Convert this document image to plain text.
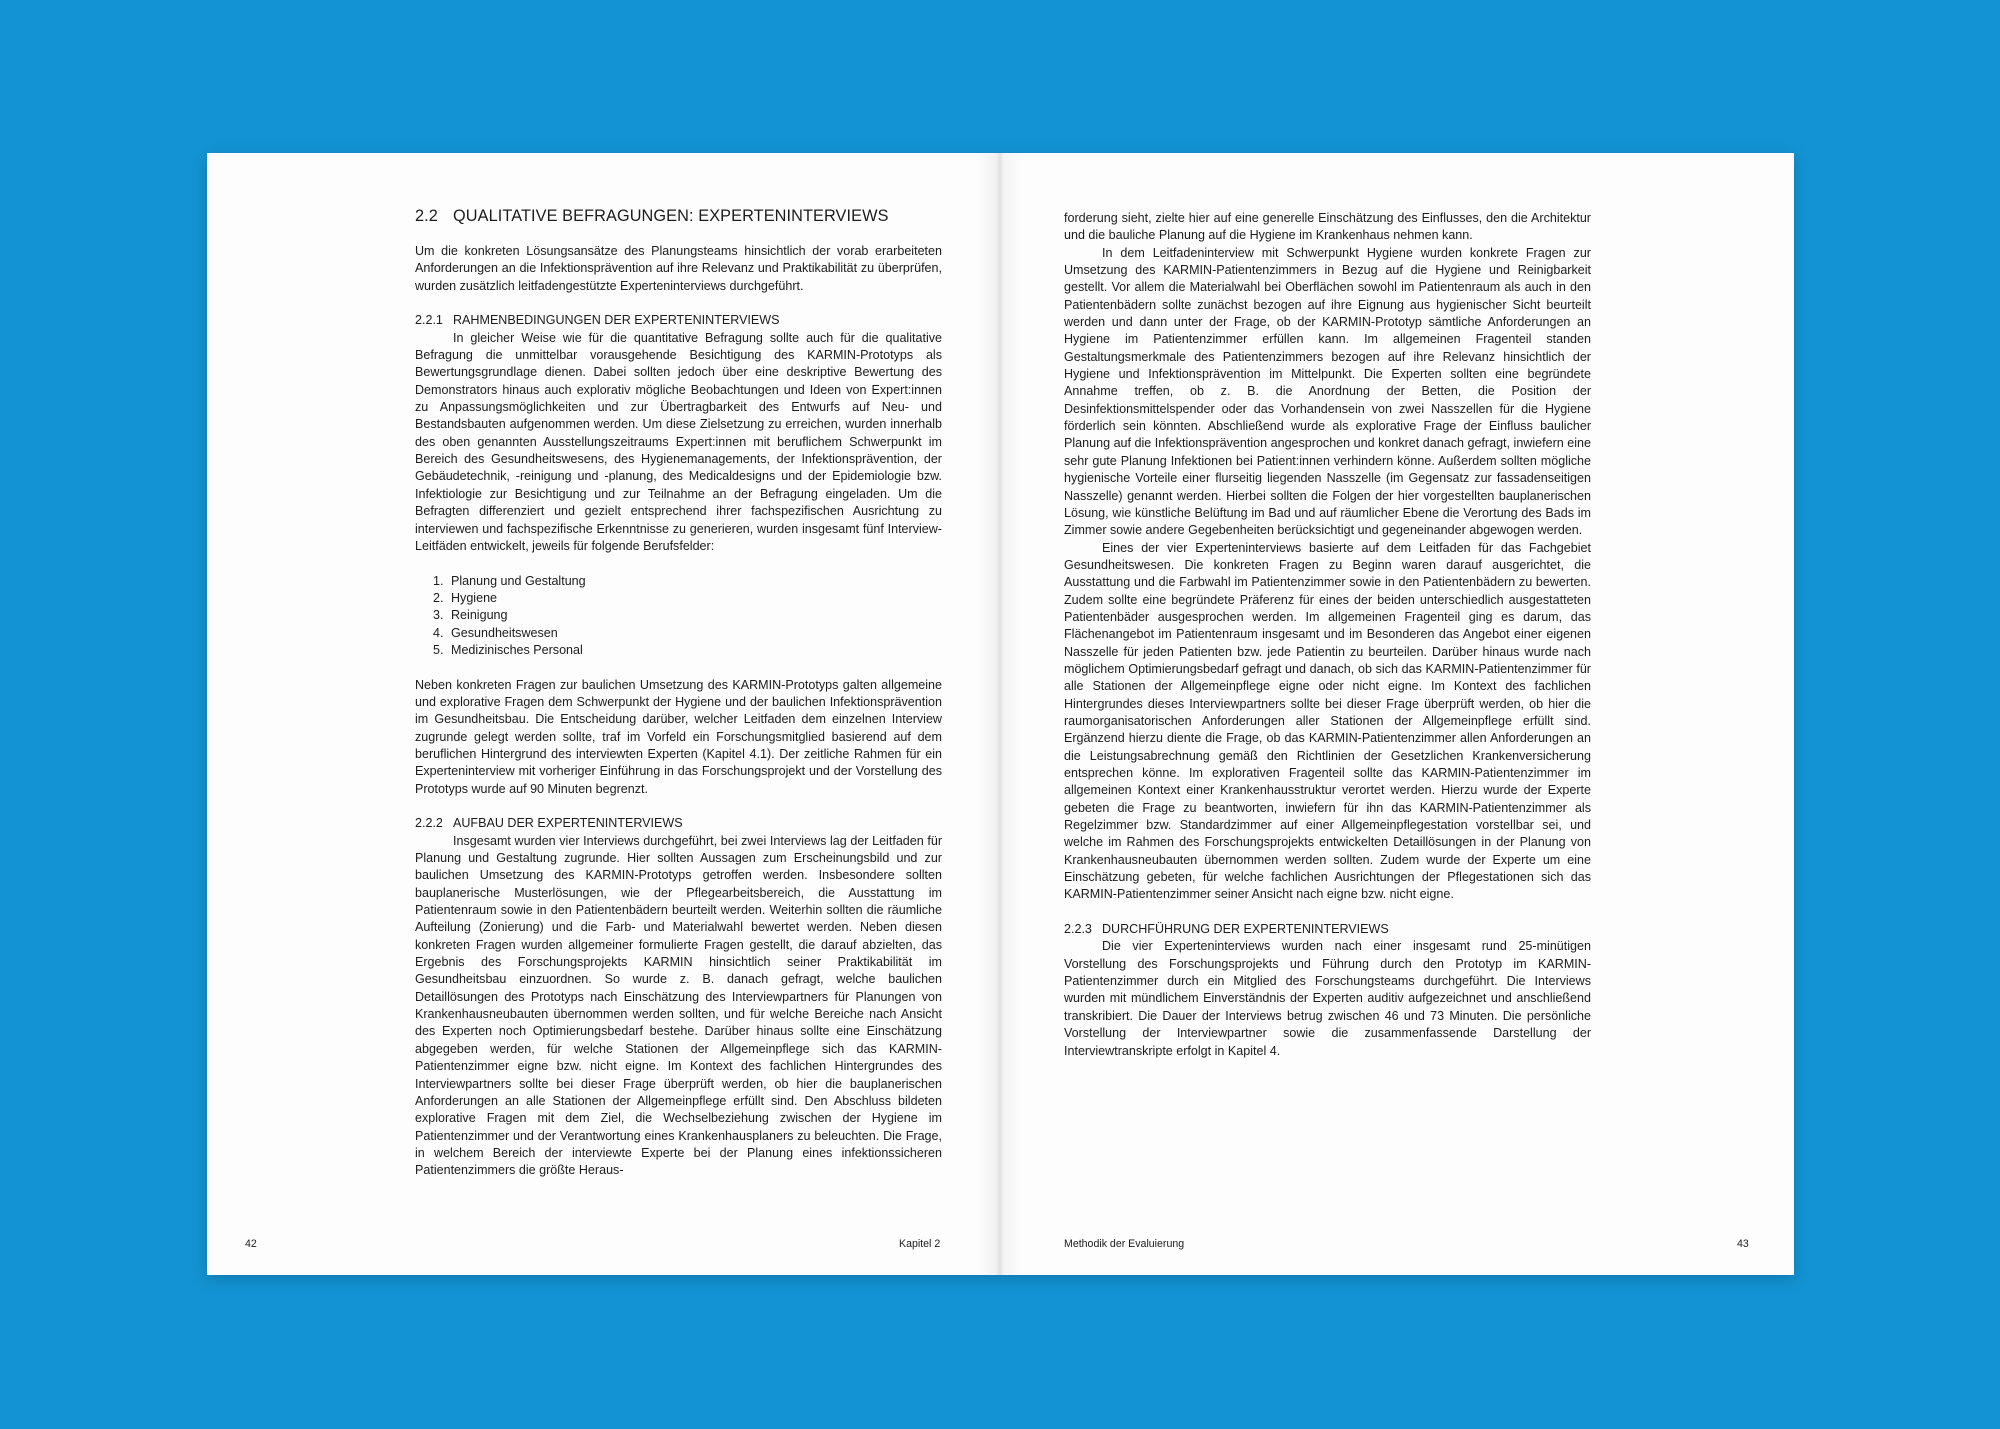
2.2 QUALITATIVE BEFRAGUNGEN: EXPERTENINTERVIEWS

Um die konkreten Lösungsansätze des Planungsteams hinsichtlich der vorab erarbeiteten Anforderungen an die Infektionsprävention auf ihre Relevanz und Praktikabilität zu überprüfen, wurden zusätzlich leitfadengestützte Experteninterviews durchgeführt.

2.2.1 RAHMENBEDINGUNGEN DER EXPERTENINTERVIEWS

In gleicher Weise wie für die quantitative Befragung sollte auch für die qualitative Befragung die unmittelbar vorausgehende Besichtigung des KARMIN-Prototyps als Bewertungsgrundlage dienen. Dabei sollten jedoch über eine deskriptive Bewertung des Demonstrators hinaus auch explorativ mögliche Beobachtungen und Ideen von Expert:innen zu Anpassungsmöglichkeiten und zur Übertragbarkeit des Entwurfs auf Neu- und Bestandsbauten aufgenommen werden. Um diese Zielsetzung zu erreichen, wurden innerhalb des oben genannten Ausstellungszeitraums Expert:innen mit beruflichem Schwerpunkt im Bereich des Gesundheitswesens, des Hygienemanagements, der Infektionsprävention, der Gebäudetechnik, -reinigung und -planung, des Medicaldesigns und der Epidemiologie bzw. Infektiologie zur Besichtigung und zur Teilnahme an der Befragung eingeladen. Um die Befragten differenziert und gezielt entsprechend ihrer fachspezifischen Ausrichtung zu interviewen und fachspezifische Erkenntnisse zu generieren, wurden insgesamt fünf Interview-Leitfäden entwickelt, jeweils für folgende Berufsfelder:

1. Planung und Gestaltung
2. Hygiene
3. Reinigung
4. Gesundheitswesen
5. Medizinisches Personal

Neben konkreten Fragen zur baulichen Umsetzung des KARMIN-Prototyps galten allgemeine und explorative Fragen dem Schwerpunkt der Hygiene und der baulichen Infektionsprävention im Gesundheitsbau. Die Entscheidung darüber, welcher Leitfaden dem einzelnen Interview zugrunde gelegt werden sollte, traf im Vorfeld ein Forschungsmitglied basierend auf dem beruflichen Hintergrund des interviewten Experten (Kapitel 4.1). Der zeitliche Rahmen für ein Experteninterview mit vorheriger Einführung in das Forschungsprojekt und der Vorstellung des Prototyps wurde auf 90 Minuten begrenzt.

2.2.2 AUFBAU DER EXPERTENINTERVIEWS

Insgesamt wurden vier Interviews durchgeführt, bei zwei Interviews lag der Leitfaden für Planung und Gestaltung zugrunde. Hier sollten Aussagen zum Erscheinungsbild und zur baulichen Umsetzung des KARMIN-Prototyps getroffen werden. Insbesondere sollten bauplanerische Musterlösungen, wie der Pflegearbeitsbereich, die Ausstattung im Patientenraum sowie in den Patientenbädern beurteilt werden. Weiterhin sollten die räumliche Aufteilung (Zonierung) und die Farb- und Materialwahl bewertet werden. Neben diesen konkreten Fragen wurden allgemeiner formulierte Fragen gestellt, die darauf abzielten, das Ergebnis des Forschungsprojekts KARMIN hinsichtlich seiner Praktikabilität im Gesundheitsbau einzuordnen. So wurde z. B. danach gefragt, welche baulichen Detaillösungen des Prototyps nach Einschätzung des Interviewpartners für Planungen von Krankenhausneubauten übernommen werden sollten, und für welche Bereiche nach Ansicht des Experten noch Optimierungsbedarf bestehe. Darüber hinaus sollte eine Einschätzung abgegeben werden, für welche Stationen der Allgemeinpflege sich das KARMIN-Patientenzimmer eigne bzw. nicht eigne. Im Kontext des fachlichen Hintergrundes des Interviewpartners sollte bei dieser Frage überprüft werden, ob hier die bauplanerischen Anforderungen an alle Stationen der Allgemeinpflege erfüllt sind. Den Abschluss bildeten explorative Fragen mit dem Ziel, die Wechselbeziehung zwischen der Hygiene im Patientenzimmer und der Verantwortung eines Krankenhausplaners zu beleuchten. Die Frage, in welchem Bereich der interviewte Experte bei der Planung eines infektionssicheren Patientenzimmers die größte Heraus-

42	Kapitel 2

forderung sieht, zielte hier auf eine generelle Einschätzung des Einflusses, den die Architektur und die bauliche Planung auf die Hygiene im Krankenhaus nehmen kann.

In dem Leitfadeninterview mit Schwerpunkt Hygiene wurden konkrete Fragen zur Umsetzung des KARMIN-Patientenzimmers in Bezug auf die Hygiene und Reinigbarkeit gestellt. Vor allem die Materialwahl bei Oberflächen sowohl im Patientenraum als auch in den Patientenbädern sollte zunächst bezogen auf ihre Eignung aus hygienischer Sicht beurteilt werden und dann unter der Frage, ob der KARMIN-Prototyp sämtliche Anforderungen an Hygiene im Patientenzimmer erfüllen kann. Im allgemeinen Fragenteil standen Gestaltungsmerkmale des Patientenzimmers bezogen auf ihre Relevanz hinsichtlich der Hygiene und Infektionsprävention im Mittelpunkt. Die Experten sollten eine begründete Annahme treffen, ob z. B. die Anordnung der Betten, die Position der Desinfektionsmittelspender oder das Vorhandensein von zwei Nasszellen für die Hygiene förderlich sein könnten. Abschließend wurde als explorative Frage der Einfluss baulicher Planung auf die Infektionsprävention angesprochen und konkret danach gefragt, inwiefern eine sehr gute Planung Infektionen bei Patient:innen verhindern könne. Außerdem sollten mögliche hygienische Vorteile einer flurseitig liegenden Nasszelle (im Gegensatz zur fassadenseitigen Nasszelle) genannt werden. Hierbei sollten die Folgen der hier vorgestellten bauplanerischen Lösung, wie künstliche Belüftung im Bad und auf räumlicher Ebene die Verortung des Bads im Zimmer sowie andere Gegebenheiten berücksichtigt und gegeneinander abgewogen werden.

Eines der vier Experteninterviews basierte auf dem Leitfaden für das Fachgebiet Gesundheitswesen. Die konkreten Fragen zu Beginn waren darauf ausgerichtet, die Ausstattung und die Farbwahl im Patientenzimmer sowie in den Patientenbädern zu bewerten. Zudem sollte eine begründete Präferenz für eines der beiden unterschiedlich ausgestatteten Patientenbäder ausgesprochen werden. Im allgemeinen Fragenteil ging es darum, das Flächenangebot im Patientenraum insgesamt und im Besonderen das Angebot einer eigenen Nasszelle für jeden Patienten bzw. jede Patientin zu beurteilen. Darüber hinaus wurde nach möglichem Optimierungsbedarf gefragt und danach, ob sich das KARMIN-Patientenzimmer für alle Stationen der Allgemeinpflege eigne oder nicht eigne. Im Kontext des fachlichen Hintergrundes dieses Interviewpartners sollte bei dieser Frage überprüft werden, ob hier die raumorganisatorischen Anforderungen aller Stationen der Allgemeinpflege erfüllt sind. Ergänzend hierzu diente die Frage, ob das KARMIN-Patientenzimmer allen Anforderungen an die Leistungsabrechnung gemäß den Richtlinien der Gesetzlichen Krankenversicherung entsprechen könne. Im explorativen Fragenteil sollte das KARMIN-Patientenzimmer im allgemeinen Kontext einer Krankenhausstruktur verortet werden. Hierzu wurde der Experte gebeten die Frage zu beantworten, inwiefern für ihn das KARMIN-Patientenzimmer als Regelzimmer bzw. Standardzimmer auf einer Allgemeinpflegestation vorstellbar sei, und welche im Rahmen des Forschungsprojekts entwickelten Detaillösungen in der Planung von Krankenhausneubauten übernommen werden sollten. Zudem wurde der Experte um eine Einschätzung gebeten, für welche fachlichen Ausrichtungen der Pflegestationen sich das KARMIN-Patientenzimmer seiner Ansicht nach eigne bzw. nicht eigne.

2.2.3 DURCHFÜHRUNG DER EXPERTENINTERVIEWS

Die vier Experteninterviews wurden nach einer insgesamt rund 25-minütigen Vorstellung des Forschungsprojekts und Führung durch den Prototyp im KARMIN-Patientenzimmer durch ein Mitglied des Forschungsteams durchgeführt. Die Interviews wurden mit mündlichem Einverständnis der Experten auditiv aufgezeichnet und anschließend transkribiert. Die Dauer der Interviews betrug zwischen 46 und 73 Minuten. Die persönliche Vorstellung der Interviewpartner sowie die zusammenfassende Darstellung der Interviewtranskripte erfolgt in Kapitel 4.

Methodik der Evaluierung	43
